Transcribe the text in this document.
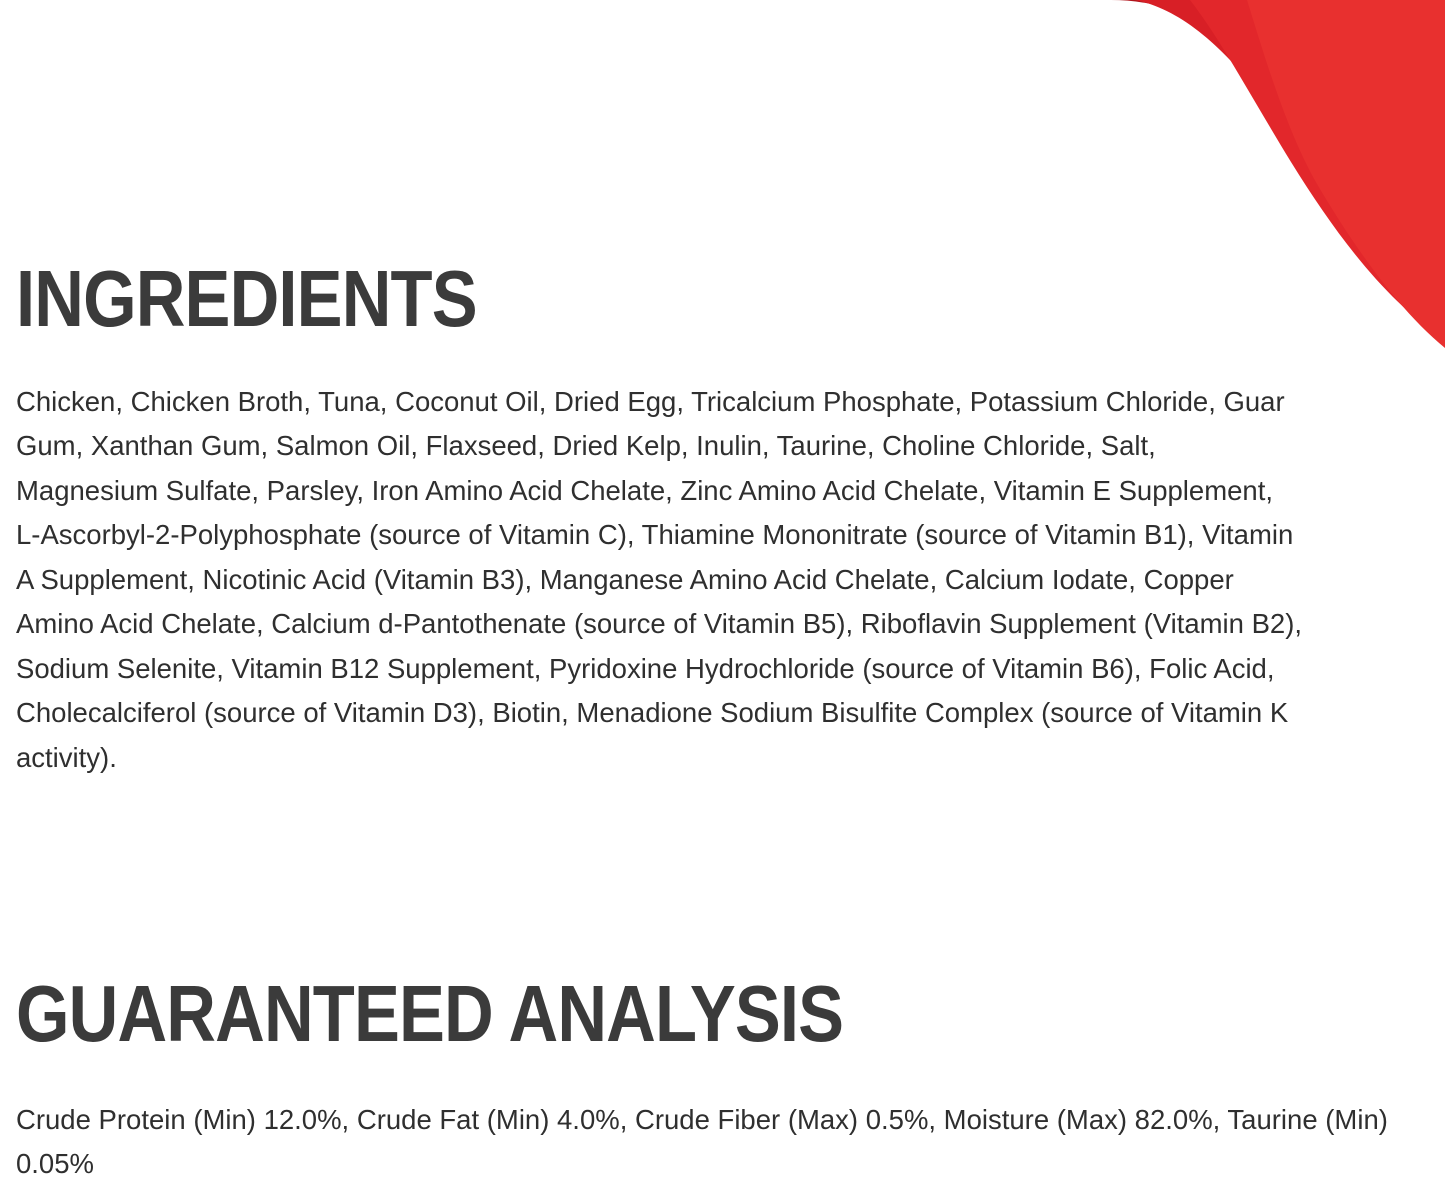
INGREDIENTS

Chicken, Chicken Broth, Tuna, Coconut Oil, Dried Egg, Tricalcium Phosphate, Potassium Chloride, Guar Gum, Xanthan Gum, Salmon Oil, Flaxseed, Dried Kelp, Inulin, Taurine, Choline Chloride, Salt, Magnesium Sulfate, Parsley, Iron Amino Acid Chelate, Zinc Amino Acid Chelate, Vitamin E Supplement, L-Ascorbyl-2-Polyphosphate (source of Vitamin C), Thiamine Mononitrate (source of Vitamin B1), Vitamin A Supplement, Nicotinic Acid (Vitamin B3), Manganese Amino Acid Chelate, Calcium Iodate, Copper Amino Acid Chelate, Calcium d-Pantothenate (source of Vitamin B5), Riboflavin Supplement (Vitamin B2), Sodium Selenite, Vitamin B12 Supplement, Pyridoxine Hydrochloride (source of Vitamin B6), Folic Acid, Cholecalciferol (source of Vitamin D3), Biotin, Menadione Sodium Bisulfite Complex (source of Vitamin K activity).

GUARANTEED ANALYSIS

Crude Protein (Min) 12.0%, Crude Fat (Min) 4.0%, Crude Fiber (Max) 0.5%, Moisture (Max) 82.0%, Taurine (Min) 0.05%
